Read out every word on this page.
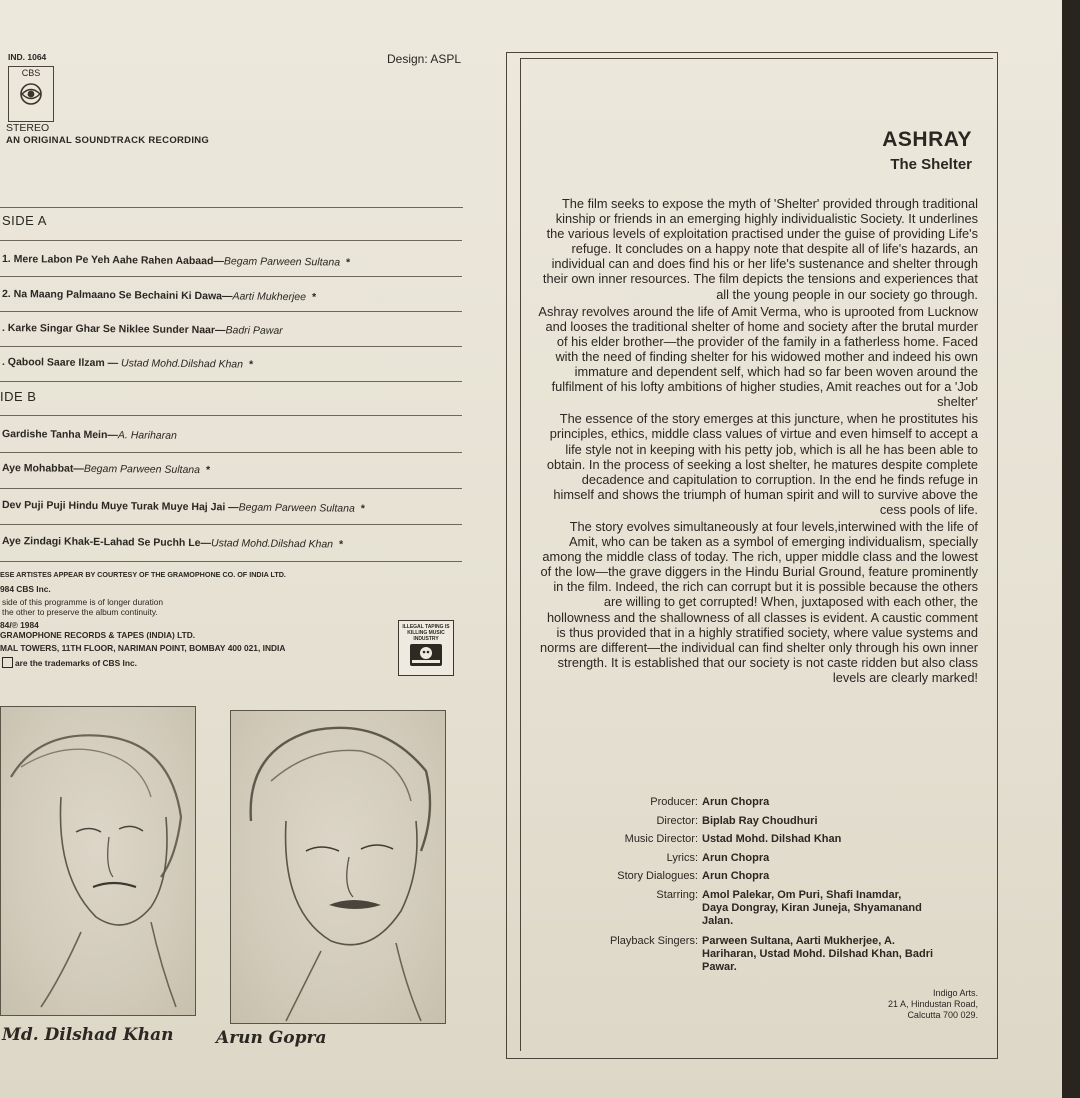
IND. 1064
CBS
STEREO
AN ORIGINAL SOUNDTRACK RECORDING
Design: ASPL
SIDE A
1. Mere Labon Pe Yeh Aahe Rahen Aabaad—Begam Parween Sultana *
2. Na Maang Palmaano Se Bechaini Ki Dawa—Aarti Mukherjee *
. Karke Singar Ghar Se Niklee Sunder Naar—Badri Pawar
. Qabool Saare Ilzam — Ustad Mohd.Dilshad Khan *
IDE B
Gardishe Tanha Mein—A. Hariharan
Aye Mohabbat—Begam Parween Sultana *
Dev Puji Puji Hindu Muye Turak Muye Haj Jai —Begam Parween Sultana *
Aye Zindagi Khak-E-Lahad Se Puchh Le—Ustad Mohd.Dilshad Khan *
ESE ARTISTES APPEAR BY COURTESY OF THE GRAMOPHONE CO. OF INDIA LTD.
984 CBS Inc.
side of this programme is of longer duration
the other to preserve the album continuity.
84/℗ 1984
GRAMOPHONE RECORDS & TAPES (INDIA) LTD.
MAL TOWERS, 11TH FLOOR, NARIMAN POINT, BOMBAY 400 021, INDIA
are the trademarks of CBS Inc.
ILLEGAL TAPING IS KILLING MUSIC INDUSTRY
Md. Dilshad Khan	Arun Gopra
ASHRAY
The Shelter

The film seeks to expose the myth of 'Shelter' provided through traditional kinship or friends in an emerging highly individualistic Society. It underlines the various levels of exploitation practised under the guise of providing Life's refuge. It concludes on a happy note that despite all of life's hazards, an individual can and does find his or her life's sustenance and shelter through their own inner resources. The film depicts the tensions and experiences that all the young people in our society go through.

Ashray revolves around the life of Amit Verma, who is uprooted from Lucknow and looses the traditional shelter of home and society after the brutal murder of his elder brother—the provider of the family in a fatherless home. Faced with the need of finding shelter for his widowed mother and indeed his own immature and dependent self, which had so far been woven around the fulfilment of his lofty ambitions of higher studies, Amit reaches out for a 'Job shelter'

The essence of the story emerges at this juncture, when he prostitutes his principles, ethics, middle class values of virtue and even himself to accept a life style not in keeping with his petty job, which is all he has been able to obtain. In the process of seeking a lost shelter, he matures despite complete decadence and capitulation to corruption. In the end he finds refuge in himself and shows the triumph of human spirit and will to survive above the cess pools of life.

The story evolves simultaneously at four levels,interwined with the life of Amit, who can be taken as a symbol of emerging individualism, specially among the middle class of today. The rich, upper middle class and the lowest of the low—the grave diggers in the Hindu Burial Ground, feature prominently in the film. Indeed, the rich can corrupt but it is possible because the others are willing to get corrupted! When, juxtaposed with each other, the hollowness and the shallowness of all classes is evident. A caustic comment is thus provided that in a highly stratified society, where value systems and norms are different—the individual can find shelter only through his own inner strength. It is established that our society is not caste ridden but also class levels are clearly marked!

Producer: Arun Chopra
Director: Biplab Ray Choudhuri
Music Director: Ustad Mohd. Dilshad Khan
Lyrics: Arun Chopra
Story Dialogues: Arun Chopra
Starring: Amol Palekar, Om Puri, Shafi Inamdar, Daya Dongray, Kiran Juneja, Shyamanand Jalan.
Playback Singers: Parween Sultana, Aarti Mukherjee, A. Hariharan, Ustad Mohd. Dilshad Khan, Badri Pawar.
Indigo Arts.
21 A, Hindustan Road,
Calcutta 700 029.
